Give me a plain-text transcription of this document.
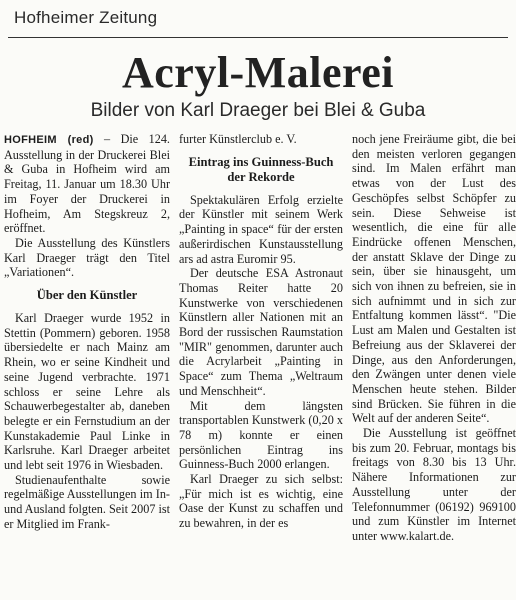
Hofheimer Zeitung
Acryl-Malerei
Bilder von Karl Draeger bei Blei & Guba

HOFHEIM (red) – Die 124. Ausstellung in der Druckerei Blei & Guba in Hofheim wird am Freitag, 11. Januar um 18.30 Uhr im Foyer der Druckerei in Hofheim, Am Stegskreuz 2, eröffnet.

Die Ausstellung des Künstlers Karl Draeger trägt den Titel „Variationen“.

Über den Künstler

Karl Draeger wurde 1952 in Stettin (Pommern) geboren. 1958 übersiedelte er nach Mainz am Rhein, wo er seine Kindheit und seine Jugend verbrachte. 1971 schloss er seine Lehre als Schauwerbegestalter ab, daneben belegte er ein Fernstudium an der Kunstakademie Paul Linke in Karlsruhe. Karl Draeger arbeitet und lebt seit 1976 in Wiesbaden.

Studienaufenthalte sowie regelmäßige Ausstellungen im In- und Ausland folgten. Seit 2007 ist er Mitglied im Frank-

furter Künstlerclub e. V.

Eintrag ins Guinness-Buch der Rekorde

Spektakulären Erfolg erzielte der Künstler mit seinem Werk „Painting in space“ für der ersten außerirdischen Kunstausstellung ars ad astra Euromir 95.

Der deutsche ESA Astronaut Thomas Reiter hatte 20 Kunstwerke von verschiedenen Künstlern aller Nationen mit an Bord der russischen Raumstation "MIR" genommen, darunter auch die Acrylarbeit „Painting in Space“ zum Thema „Weltraum und Menschheit“.

Mit dem längsten transportablen Kunstwerk (0,20 x 78 m) konnte er einen persönlichen Eintrag ins Guinness-Buch 2000 erlangen.

Karl Draeger zu sich selbst: „Für mich ist es wichtig, eine Oase der Kunst zu schaffen und zu bewahren, in der es

noch jene Freiräume gibt, die bei den meisten verloren gegangen sind. Im Malen erfährt man etwas von der Lust des Geschöpfes selbst Schöpfer zu sein. Diese Sehweise ist wesentlich, die eine für alle Eindrücke offenen Menschen, der anstatt Sklave der Dinge zu sein, über sie hinausgeht, um sich von ihnen zu befreien, sie in sich aufnimmt und in sich zur Entfaltung kommen lässt“. "Die Lust am Malen und Gestalten ist Befreiung aus der Sklaverei der Dinge, aus den Anforderungen, den Zwängen unter denen viele Menschen heute stehen. Bilder sind Brücken. Sie führen in die Welt auf der anderen Seite“.

Die Ausstellung ist geöffnet bis zum 20. Februar, montags bis freitags von 8.30 bis 13 Uhr. Nähere Informationen zur Ausstellung unter der Telefonnummer (06192) 969100 und zum Künstler im Internet unter www.kalart.de.
